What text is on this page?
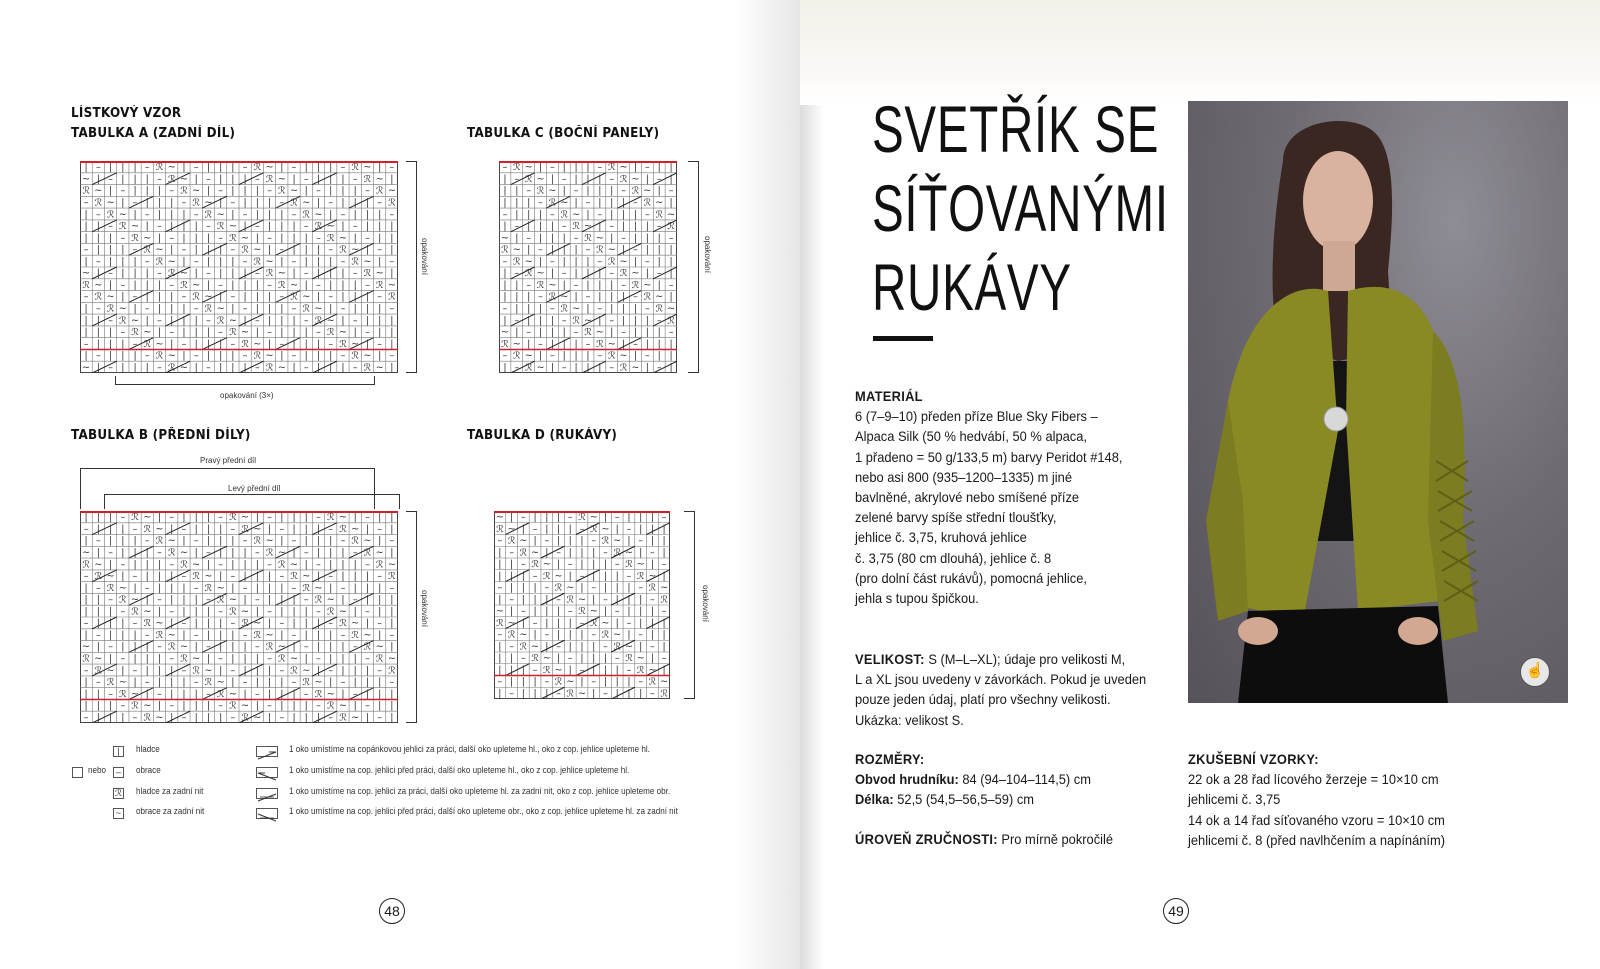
LÍSTKOVÝ VZOR
TABULKA A (ZADNÍ DÍL)	TABULKA C (BOČNÍ PANELY)
TABULKA B (PŘEDNÍ DÍLY)	TABULKA D (RUKÁVY)
| – | | | – ℛ ~ | – | | | – ℛ ~ | – | | | – ℛ ~ | –
~ | – | | | – ℛ ~ | – | | | – ℛ ~ | – | | | – ℛ ~ |
ℛ ~ | – | | | – ℛ ~ | – | | | – ℛ ~ | – | | | – ℛ ~
– ℛ ~ | – | | | – ℛ ~ | – | | | – ℛ ~ | – | | | – ℛ
| – ℛ ~ | – | | | – ℛ ~ | – | | | – ℛ ~ | – | | | –
| | – ℛ ~ | – | | | – ℛ ~ | – | | | – ℛ ~ | – | | |
| | | – ℛ ~ | – | | | – ℛ ~ | – | | | – ℛ ~ | – | |
– | | | – ℛ ~ | – | | | – ℛ ~ | – | | | – ℛ ~ | – |
| – | | | – ℛ ~ | – | | | – ℛ ~ | – | | | – ℛ ~ | –
~ | – | | | – ℛ ~ | – | | | – ℛ ~ | – | | | – ℛ ~ |
ℛ ~ | – | | | – ℛ ~ | – | | | – ℛ ~ | – | | | – ℛ ~
– ℛ ~ | – | | | – ℛ ~ | – | | | – ℛ ~ | – | | | – ℛ
| – ℛ ~ | – | | | – ℛ ~ | – | | | – ℛ ~ | – | | | –
| | – ℛ ~ | – | | | – ℛ ~ | – | | | – ℛ ~ | – | | |
| | | – ℛ ~ | – | | | – ℛ ~ | – | | | – ℛ ~ | – | |
– | | | – ℛ ~ | – | | | – ℛ ~ | – | | | – ℛ ~ | – |
| – | | | – ℛ ~ | – | | | – ℛ ~ | – | | | – ℛ ~ | –
~ | – | | | – ℛ ~ | – | | | – ℛ ~ | – | | | – ℛ ~ |
opakování (3×)
opakování
– ℛ ~ | – | | | – ℛ ~ | – | |
| – ℛ ~ | – | | | – ℛ ~ | – |
| | – ℛ ~ | – | | | – ℛ ~ | –
| | | – ℛ ~ | – | | | – ℛ ~ |
– | | | – ℛ ~ | – | | | – ℛ ~
| – | | | – ℛ ~ | – | | | – ℛ
~ | – | | | – ℛ ~ | – | | | –
ℛ ~ | – | | | – ℛ ~ | – | | |
– ℛ ~ | – | | | – ℛ ~ | – | |
| – ℛ ~ | – | | | – ℛ ~ | – |
| | – ℛ ~ | – | | | – ℛ ~ | –
| | | – ℛ ~ | – | | | – ℛ ~ |
– | | | – ℛ ~ | – | | | – ℛ ~
| – | | | – ℛ ~ | – | | | – ℛ
~ | – | | | – ℛ ~ | – | | | –
ℛ ~ | – | | | – ℛ ~ | – | | |
– ℛ ~ | – | | | – ℛ ~ | – | |
| – ℛ ~ | – | | | – ℛ ~ | – |
opakování
Pravý přední díl
Levý přední díl
| | | – ℛ ~ | – | | | – ℛ ~ | – | | | – ℛ ~ | – | |
– | | | – ℛ ~ | – | | | – ℛ ~ | – | | | – ℛ ~ | – |
| – | | | – ℛ ~ | – | | | – ℛ ~ | – | | | – ℛ ~ | –
~ | – | | | – ℛ ~ | – | | | – ℛ ~ | – | | | – ℛ ~ |
ℛ ~ | – | | | – ℛ ~ | – | | | – ℛ ~ | – | | | – ℛ ~
– ℛ ~ | – | | | – ℛ ~ | – | | | – ℛ ~ | – | | | – ℛ
| – ℛ ~ | – | | | – ℛ ~ | – | | | – ℛ ~ | – | | | –
| | – ℛ ~ | – | | | – ℛ ~ | – | | | – ℛ ~ | – | | |
| | | – ℛ ~ | – | | | – ℛ ~ | – | | | – ℛ ~ | – | |
– | | | – ℛ ~ | – | | | – ℛ ~ | – | | | – ℛ ~ | – |
| – | | | – ℛ ~ | – | | | – ℛ ~ | – | | | – ℛ ~ | –
~ | – | | | – ℛ ~ | – | | | – ℛ ~ | – | | | – ℛ ~ |
ℛ ~ | – | | | – ℛ ~ | – | | | – ℛ ~ | – | | | – ℛ ~
– ℛ ~ | – | | | – ℛ ~ | – | | | – ℛ ~ | – | | | – ℛ
| – ℛ ~ | – | | | – ℛ ~ | – | | | – ℛ ~ | – | | | –
| | – ℛ ~ | – | | | – ℛ ~ | – | | | – ℛ ~ | – | | |
| | | – ℛ ~ | – | | | – ℛ ~ | – | | | – ℛ ~ | – | |
– | | | – ℛ ~ | – | | | – ℛ ~ | – | | | – ℛ ~ | – |
opakování
~ | – | | | – ℛ ~ | – | | | –
ℛ ~ | – | | | – ℛ ~ | – | | |
– ℛ ~ | – | | | – ℛ ~ | – | |
| – ℛ ~ | – | | | – ℛ ~ | – |
| | – ℛ ~ | – | | | – ℛ ~ | –
| | | – ℛ ~ | – | | | – ℛ ~ |
– | | | – ℛ ~ | – | | | – ℛ ~
| – | | | – ℛ ~ | – | | | – ℛ
~ | – | | | – ℛ ~ | – | | | –
ℛ ~ | – | | | – ℛ ~ | – | | |
– ℛ ~ | – | | | – ℛ ~ | – | |
| – ℛ ~ | – | | | – ℛ ~ | – |
| | – ℛ ~ | – | | | – ℛ ~ | –
| | | – ℛ ~ | – | | | – ℛ ~ |
– | | | – ℛ ~ | – | | | – ℛ ~
| – | | | – ℛ ~ | – | | | – ℛ
opakování
|	hladce
nebo	–	obrace
ℛ hladce za zadní nit
~	obrace za zadní nit
1 oko umístíme na copánkovou jehlici za práci, další oko upleteme hl., oko z cop. jehlice upleteme hl.
1 oko umístíme na cop. jehlici před práci, další oko upleteme hl., oko z cop. jehlice upleteme hl.
1 oko umístíme na cop. jehlici za práci, další oko upleteme hl. za zadní nit, oko z cop. jehlice upleteme obr.
1 oko umístíme na cop. jehlici před práci, další oko upleteme obr., oko z cop. jehlice upleteme hl. za zadní nit
48
SVETŘÍK SE
SÍŤOVANÝMI
RUKÁVY
MATERIÁL
6 (7–9–10) předen příze Blue Sky Fibers –
Alpaca Silk (50 % hedvábí, 50 % alpaca,
1 přadeno = 50 g/133,5 m) barvy Peridot #148,
nebo asi 800 (935–1200–1335) m jiné
bavlněné, akrylové nebo smíšené příze
zelené barvy spíše střední tloušťky,
jehlice č. 3,75, kruhová jehlice
č. 3,75 (80 cm dlouhá), jehlice č. 8
(pro dolní část rukávů), pomocná jehlice,
jehla s tupou špičkou.
VELIKOST: S (M–L–XL); údaje pro velikosti M,
L a XL jsou uvedeny v závorkách. Pokud je uveden
pouze jeden údaj, platí pro všechny velikosti.
Ukázka: velikost S.
ROZMĚRY:
Obvod hrudníku: 84 (94–104–114,5) cm
Délka: 52,5 (54,5–56,5–59) cm
ÚROVEŇ ZRUČNOSTI: Pro mírně pokročilé
ZKUŠEBNÍ VZORKY:
22 ok a 28 řad lícového žerzeje = 10×10 cm
jehlicemi č. 3,75
14 ok a 14 řad síťovaného vzoru = 10×10 cm
jehlicemi č. 8 (před navlhčením a napínáním)
49
☝
